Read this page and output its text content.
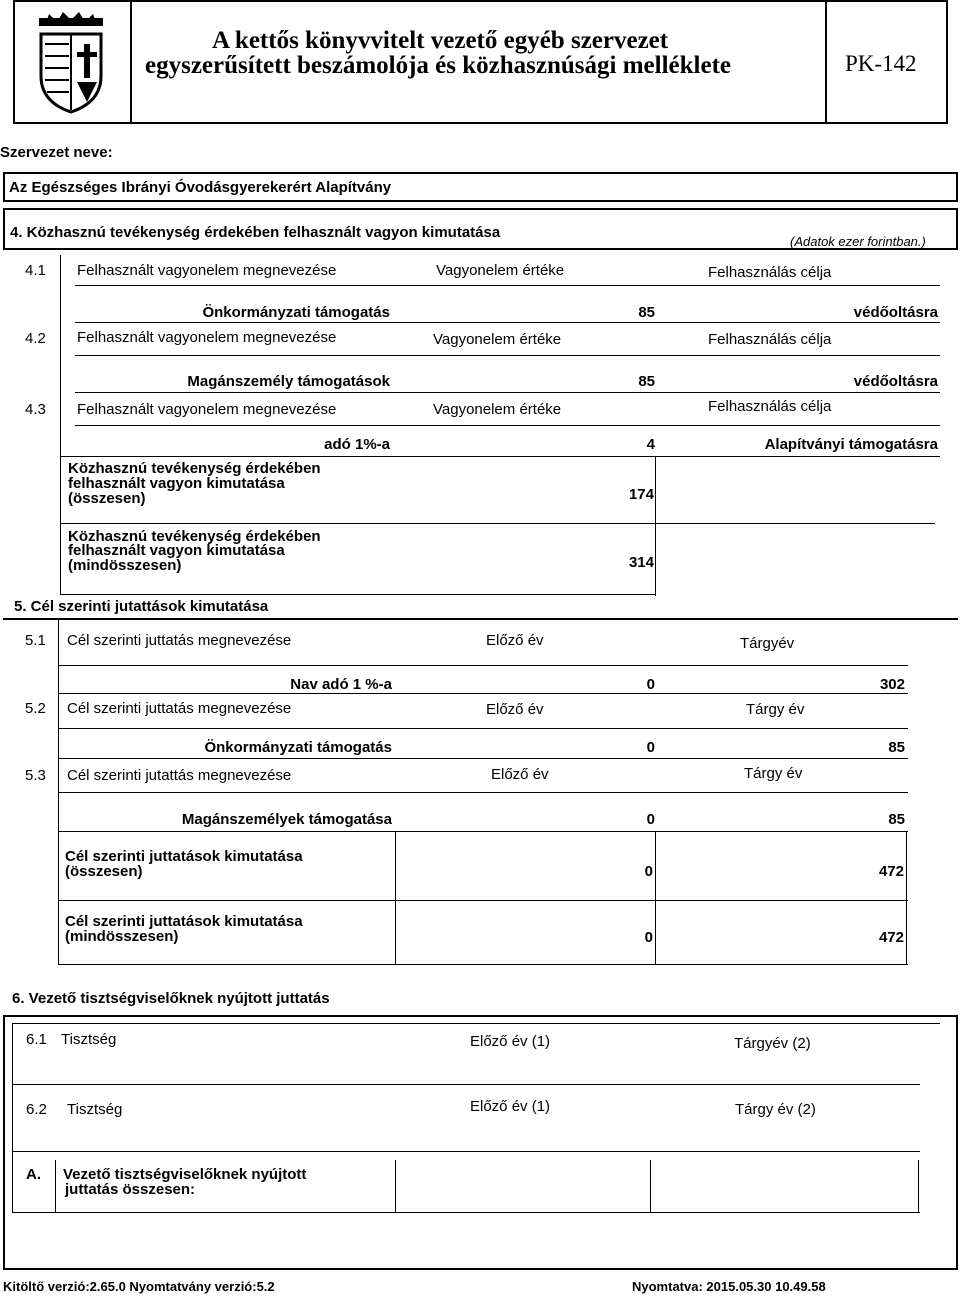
A kettős könyvvitelt vezető egyéb szervezet
egyszerűsített beszámolója és közhasznúsági melléklete	PK-142
Szervezet neve:
Az Egészséges Ibrányi Óvodásgyerekerért Alapítvány
4. Közhasznú tevékenység érdekében felhasznált vagyon kimutatása
(Adatok ezer forintban.)
4.1 Felhasznált vagyonelem megnevezése	Vagyonelem értéke	Felhasználás célja
Önkormányzati támogatás	85	védőoltásra
4.2 Felhasznált vagyonelem megnevezése	Vagyonelem értéke	Felhasználás célja
Magánszemély támogatások	85	védőoltásra
4.3 Felhasznált vagyonelem megnevezése	Vagyonelem értéke	Felhasználás célja
adó 1%-a	4	Alapítványi támogatásra
Közhasznú tevékenység érdekében
felhasznált vagyon kimutatása
(összesen)	174
Közhasznú tevékenység érdekében
felhasznált vagyon kimutatása
(mindösszesen)	314
5. Cél szerinti jutattások kimutatása
5.1 Cél szerinti juttatás megnevezése	Előző év	Tárgyév
Nav adó 1 %-a	0	302
5.2 Cél szerinti juttatás megnevezése	Előző év	Tárgy év
Önkormányzati támogatás	0	85
5.3 Cél szerinti jutattás megnevezése	Előző év	Tárgy év
Magánszemélyek támogatása	0	85
Cél szerinti juttatások kimutatása
(összesen)	0	472
Cél szerinti juttatások kimutatása
(mindösszesen)	0	472
6. Vezető tisztségviselőknek nyújtott juttatás
6.1 Tisztség	Előző év (1)	Tárgyév (2)
6.2 Tisztség	Előző év (1)	Tárgy év (2)
A. Vezető tisztségviselőknek nyújtott
juttatás összesen:
Kitöltő verzió:2.65.0 Nyomtatvány verzió:5.2	Nyomtatva: 2015.05.30 10.49.58
